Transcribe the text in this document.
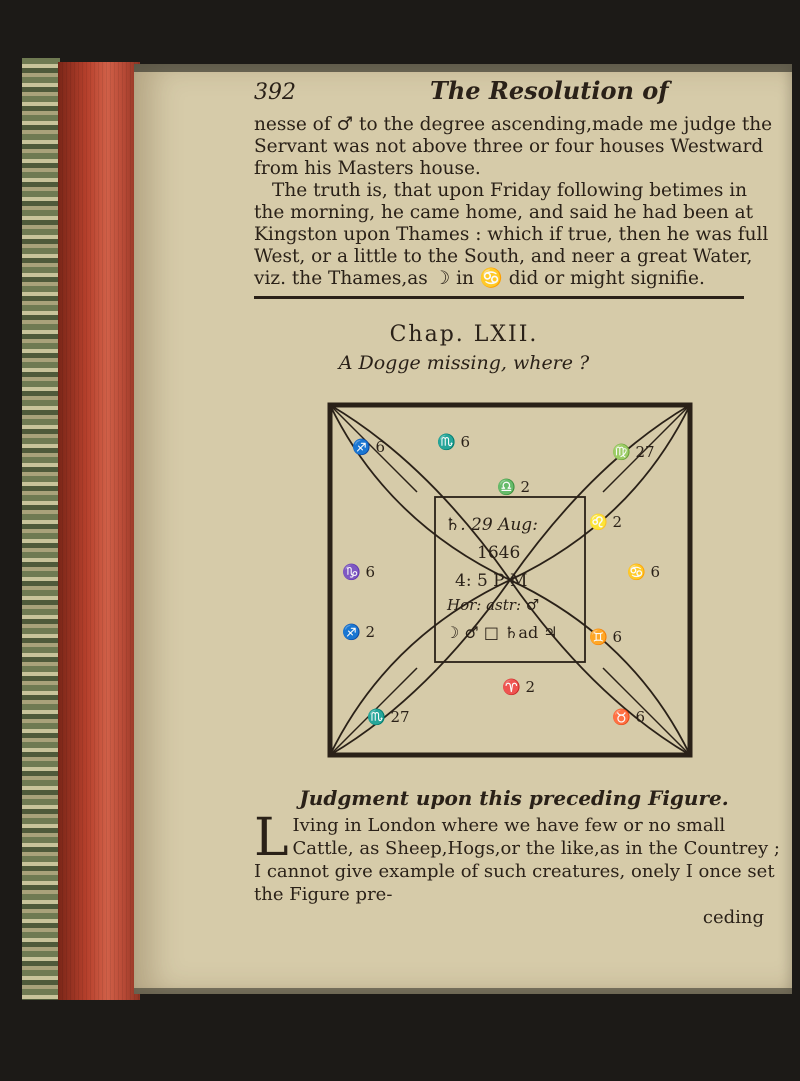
392	The Resolution of

nesse of ♂ to the degree ascending,made me judge the Servant was not above three or four houses Westward from his Masters house.

The truth is, that upon Friday following betimes in the morning, he came home, and said he had been at Kingston upon Thames : which if true, then he was full West, or a little to the South, and neer a great Water, viz. the Thames,as ☽ in ♋ did or might signifie.

Chap. LXII.
A Dogge missing, where ?
♐ 6	♏ 6
♎ 2
♍ 27
♌ 2
♋ 6
♊ 6
♉ 6
♈ 2
♏ 27
♐ 2
♑ 6
♄. 29 Aug:
1646
4: 5 P M
Hor: astr: ♂
☽ ♂ □ ♄ad ♃
Judgment upon this preceding Figure.
L Iving in London where we have few or no small Cattle, as Sheep,Hogs,or the like,as in the Countrey ; I cannot give example of such creatures, onely I once set the Figure pre-
ceding
